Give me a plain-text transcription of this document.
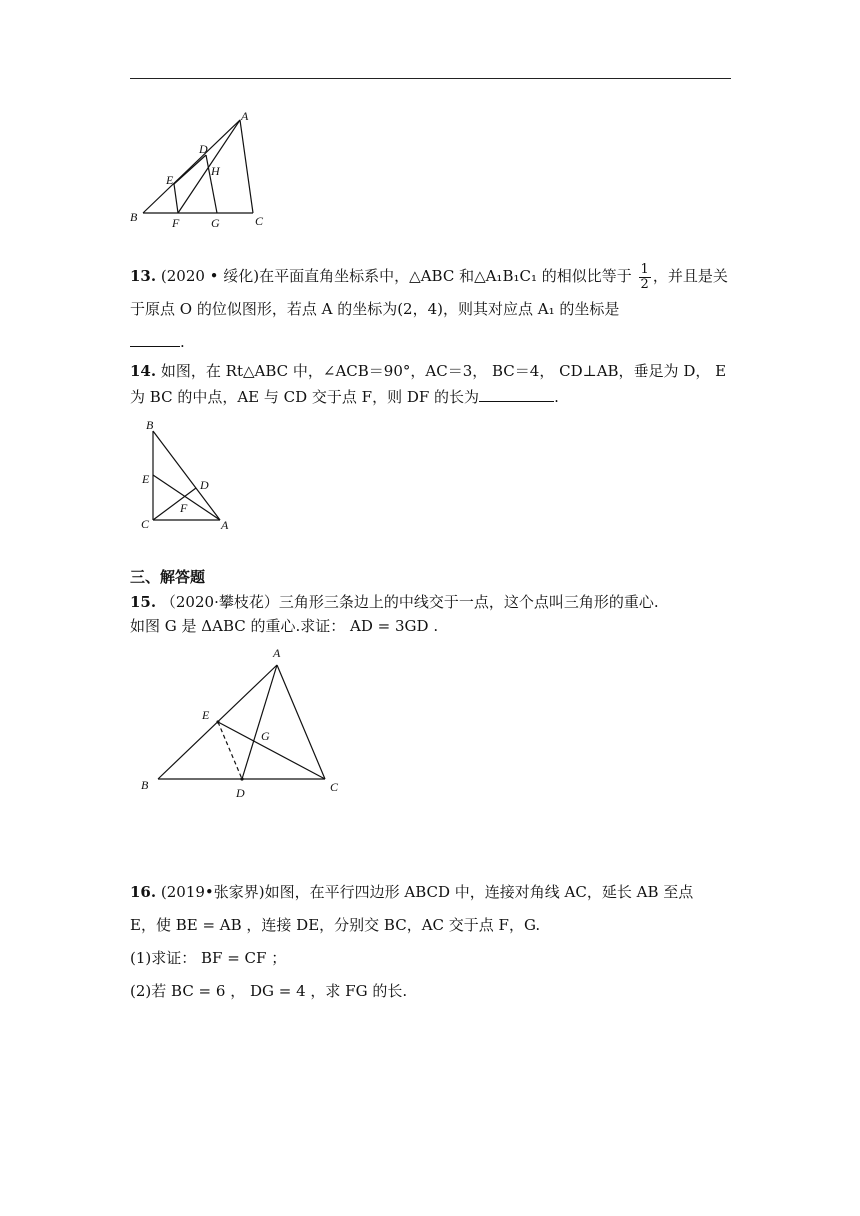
A
B	C
D
E
F	G
H
13. (2020 • 绥化)在平面直角坐标系中，△ABC 和△A₁B₁C₁ 的相似比等于 $\frac{1}{2}$ ，并且是关于原点 O 的位似图形，若点 A 的坐标为(2，4)，则其对应点 A₁ 的坐标是
.
14. 如图，在 Rt△ABC 中，∠ACB＝90°，AC＝3， BC＝4， CD⊥AB，垂足为 D， E 为 BC 的中点，AE 与 CD 交于点 F，则 DF 的长为	.
B
C	A
E	D
F
三、解答题
15. （2020·攀枝花）三角形三条边上的中线交于一点，这个点叫三角形的重心.
如图 G 是 ΔABC 的重心.求证： AD = 3GD .
A
B	C
D
E
G
16. (2019•张家界)如图，在平行四边形 ABCD 中，连接对角线 AC，延长 AB 至点
E，使 BE = AB ，连接 DE，分别交 BC，AC 交于点 F，G.
(1)求证： BF = CF ；
(2)若 BC = 6 ， DG = 4 ，求 FG 的长.
